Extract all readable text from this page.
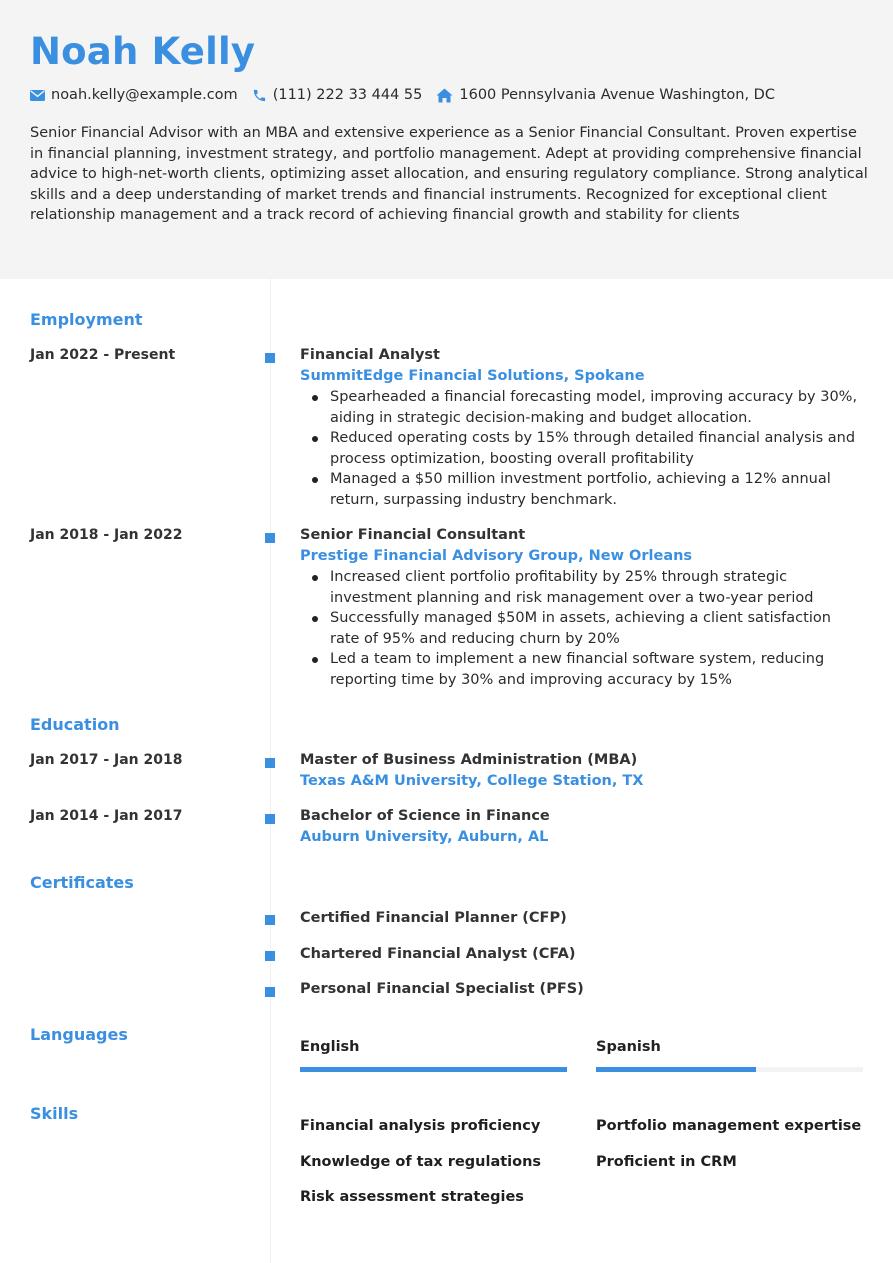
Noah Kelly
noah.kelly@example.com (111) 222 33 444 55	1600 Pennsylvania Avenue Washington, DC
Senior Financial Advisor with an MBA and extensive experience as a Senior Financial Consultant. Proven expertise in financial planning, investment strategy, and portfolio management. Adept at providing comprehensive financial advice to high-net-worth clients, optimizing asset allocation, and ensuring regulatory compliance. Strong analytical skills and a deep understanding of market trends and financial instruments. Recognized for exceptional client relationship management and a track record of achieving financial growth and stability for clients
Employment
Jan 2022 - Present	Financial Analyst
SummitEdge Financial Solutions, Spokane
Spearheaded a financial forecasting model, improving accuracy by 30%, aiding in strategic decision-making and budget allocation.
Reduced operating costs by 15% through detailed financial analysis and process optimization, boosting overall profitability
Managed a $50 million investment portfolio, achieving a 12% annual return, surpassing industry benchmark.
Jan 2018 - Jan 2022	Senior Financial Consultant
Prestige Financial Advisory Group, New Orleans
Increased client portfolio profitability by 25% through strategic investment planning and risk management over a two-year period
Successfully managed $50M in assets, achieving a client satisfaction rate of 95% and reducing churn by 20%
Led a team to implement a new financial software system, reducing reporting time by 30% and improving accuracy by 15%
Education
Jan 2017 - Jan 2018	Master of Business Administration (MBA)
Texas A&M University, College Station, TX
Jan 2014 - Jan 2017	Bachelor of Science in Finance
Auburn University, Auburn, AL
Certificates
Certified Financial Planner (CFP)
Chartered Financial Analyst (CFA)
Personal Financial Specialist (PFS)
Languages
English	Spanish
Skills
Financial analysis proficiency	Portfolio management expertise
Knowledge of tax regulations	Proficient in CRM
Risk assessment strategies
